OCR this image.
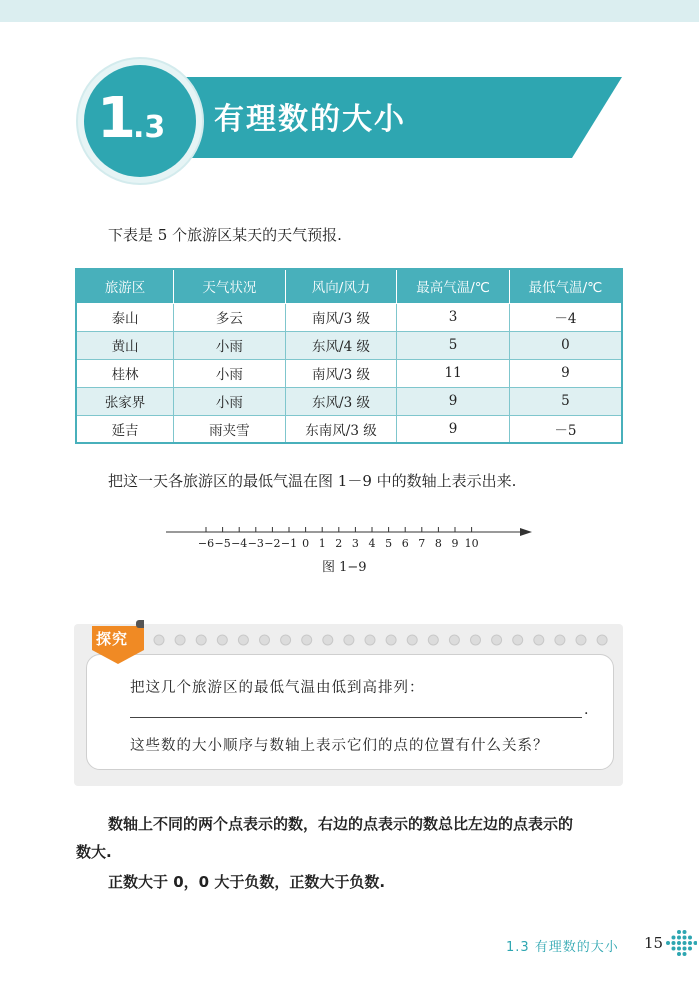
1.3	有理数的大小
下表是 5 个旅游区某天的天气预报.
旅游区	天气状况	风向/风力	最高气温/℃	最低气温/℃
泰山	多云	南风/3 级	3	－4
黄山	小雨	东风/4 级	5	0
桂林	小雨	南风/3 级	11	9
张家界	小雨	东风/3 级	9	5
延吉	雨夹雪	东南风/3 级	9	－5
把这一天各旅游区的最低气温在图 1－9 中的数轴上表示出来.
−6 −5 −4 −3 −2 −1 0 1 2 3 4 5 6 7 8 9 10
图 1−9
探究
把这几个旅游区的最低气温由低到高排列：
.
这些数的大小顺序与数轴上表示它们的点的位置有什么关系？
数轴上不同的两个点表示的数，右边的点表示的数总比左边的点表示的
数大.
正数大于 0，0 大于负数，正数大于负数.
1.3 有理数的大小 15
